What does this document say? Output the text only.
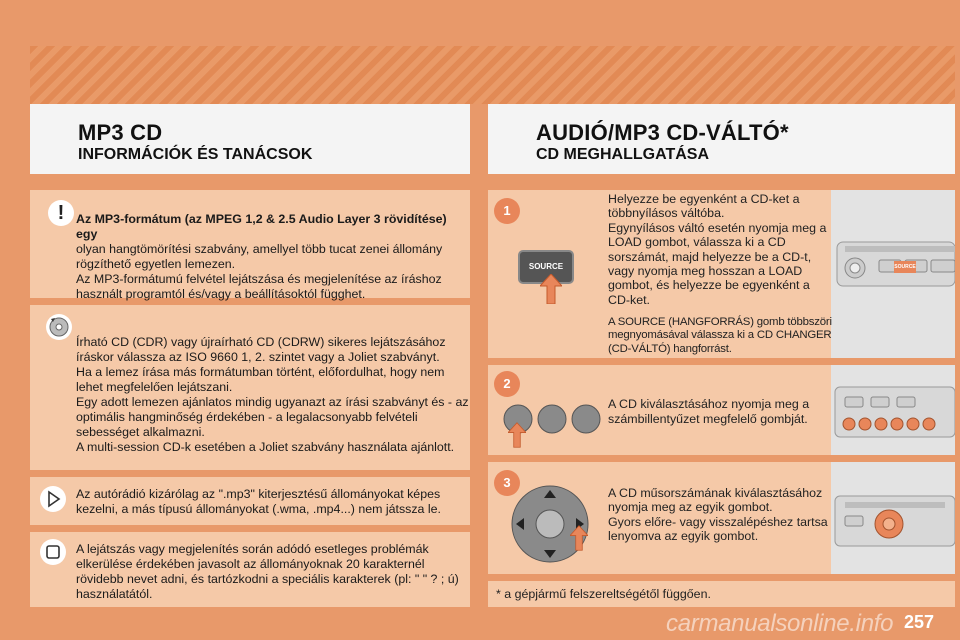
MP3 CD
INFORMÁCIÓK ÉS TANÁCSOK
AUDIÓ/MP3 CD-VÁLTÓ*
CD MEGHALLGATÁSA
! Az MP3-formátum (az MPEG 1,2 & 2.5 Audio Layer 3 rövidítése) egy
olyan hangtömörítési szabvány, amellyel több tucat zenei állomány rögzíthető egyetlen lemezen.
Az MP3-formátumú felvétel lejátszása és megjelenítése az íráshoz használt programtól és/vagy a beállításoktól függhet.

Írható CD (CDR) vagy újraírható CD (CDRW) sikeres lejátszásához íráskor válassza az ISO 9660 1, 2. szintet vagy a Joliet szabványt.
Ha a lemez írása más formátumban történt, előfordulhat, hogy nem lehet megfelelően lejátszani.
Egy adott lemezen ajánlatos mindig ugyanazt az írási szabványt és - az optimális hangminőség érdekében - a legalacsonyabb felvételi sebességet alkalmazni.
A multi-session CD-k esetében a Joliet szabvány használata ajánlott.

Az autórádió kizárólag az ".mp3" kiterjesztésű állományokat képes kezelni, a más típusú állományokat (.wma, .mp4...) nem játssza le.

A lejátszás vagy megjelenítés során adódó esetleges problémák elkerülése érdekében javasolt az állományoknak 20 karakternél rövidebb nevet adni, és tartózkodni a speciális karakterek (pl: " " ? ; ú) használatától.

1
SOURCE	SOURCE

Helyezze be egyenként a CD-ket a többnyílásos váltóba.
Egynyílásos váltó esetén nyomja meg a LOAD gombot, válassza ki a CD sorszámát, majd helyezze be a CD-t, vagy nyomja meg hosszan a LOAD gombot, és helyezze be egyenként a CD-ket.

A SOURCE (HANGFORRÁS) gomb többszöri megnyomásával válassza ki a CD CHANGER (CD-VÁLTÓ) hangforrást.

2

A CD kiválasztásához nyomja meg a számbillentyűzet megfelelő gombját.

3

A CD műsorszámának kiválasztásához nyomja meg az egyik gombot.
Gyors előre- vagy visszalépéshez tartsa lenyomva az egyik gombot.

* a gépjármű felszereltségétől függően.

257
carmanualsonline.info
